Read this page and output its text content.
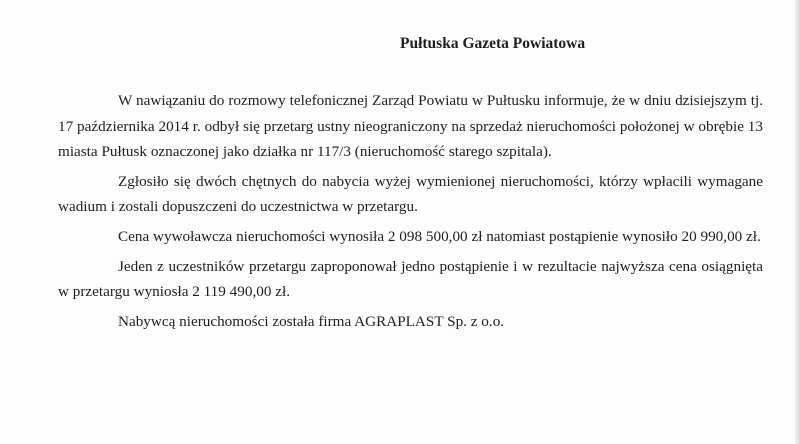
Pułtuska Gazeta Powiatowa

W nawiązaniu do rozmowy telefonicznej Zarząd Powiatu w Pułtusku informuje, że w dniu dzisiejszym tj. 17 października 2014 r. odbył się przetarg ustny nieograniczony na sprzedaż nieruchomości położonej w obrębie 13 miasta Pułtusk oznaczonej jako działka nr 117/3 (nieruchomość starego szpitala).

Zgłosiło się dwóch chętnych do nabycia wyżej wymienionej nieruchomości, którzy wpłacili wymagane wadium i zostali dopuszczeni do uczestnictwa w przetargu.

Cena wywoławcza nieruchomości wynosiła 2 098 500,00 zł natomiast postąpienie wynosiło 20 990,00 zł.

Jeden z uczestników przetargu zaproponował jedno postąpienie i w rezultacie najwyższa cena osiągnięta w przetargu wyniosła 2 119 490,00 zł.

Nabywcą nieruchomości została firma AGRAPLAST Sp. z o.o.
